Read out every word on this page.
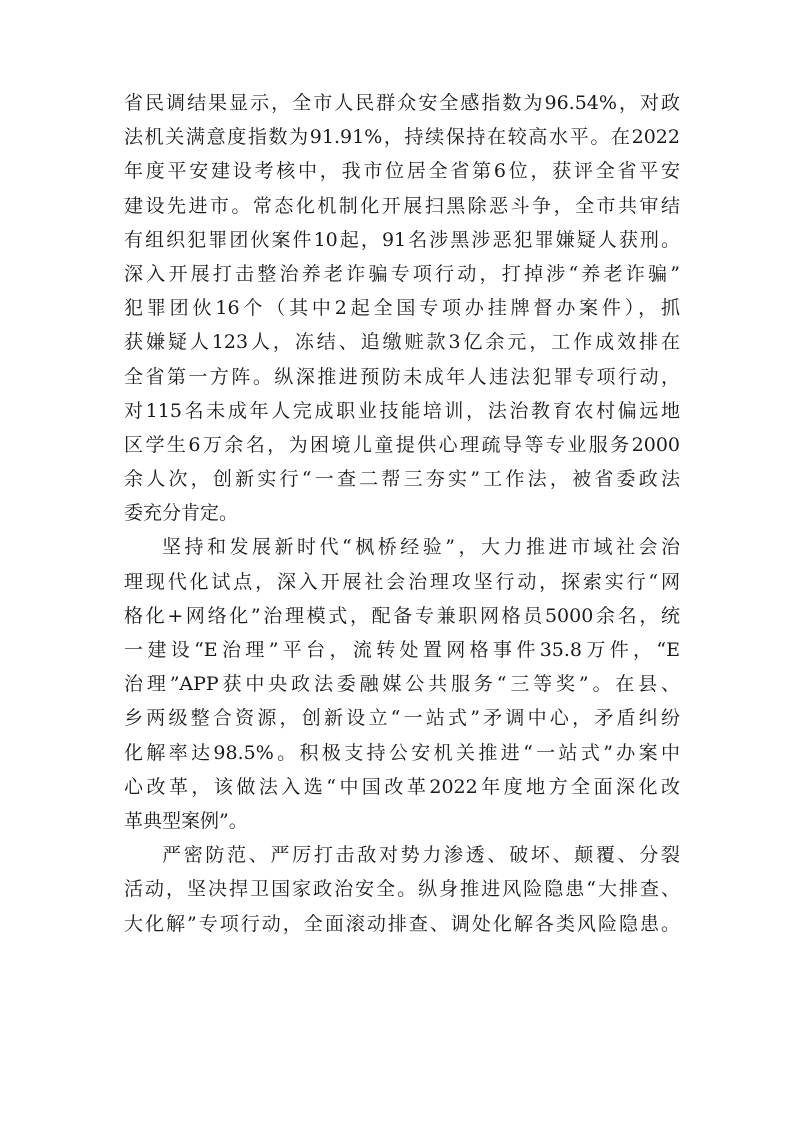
省民调结果显示，全市人民群众安全感指数为96.54%，对政
法机关满意度指数为91.91%，持续保持在较高水平。在2022
年度平安建设考核中，我市位居全省第6位，获评全省平安
建设先进市。常态化机制化开展扫黑除恶斗争，全市共审结
有组织犯罪团伙案件10起，91名涉黑涉恶犯罪嫌疑人获刑。
深入开展打击整治养老诈骗专项行动，打掉涉“养老诈骗”
犯罪团伙16个（其中2起全国专项办挂牌督办案件），抓
获嫌疑人123人，冻结、追缴赃款3亿余元，工作成效排在
全省第一方阵。纵深推进预防未成年人违法犯罪专项行动，
对115名未成年人完成职业技能培训，法治教育农村偏远地
区学生6万余名，为困境儿童提供心理疏导等专业服务2000
余人次，创新实行“一查二帮三夯实”工作法，被省委政法
委充分肯定。
坚持和发展新时代“枫桥经验”，大力推进市域社会治
理现代化试点，深入开展社会治理攻坚行动，探索实行“网
格化+网络化”治理模式，配备专兼职网格员5000余名，统
一建设“E治理”平台，流转处置网格事件35.8万件，“E
治理”APP获中央政法委融媒公共服务“三等奖”。在县、
乡两级整合资源，创新设立“一站式”矛调中心，矛盾纠纷
化解率达98.5%。积极支持公安机关推进“一站式”办案中
心改革，该做法入选“中国改革2022年度地方全面深化改
革典型案例”。
严密防范、严厉打击敌对势力渗透、破坏、颠覆、分裂
活动，坚决捍卫国家政治安全。纵身推进风险隐患“大排查、
大化解”专项行动，全面滚动排查、调处化解各类风险隐患。
